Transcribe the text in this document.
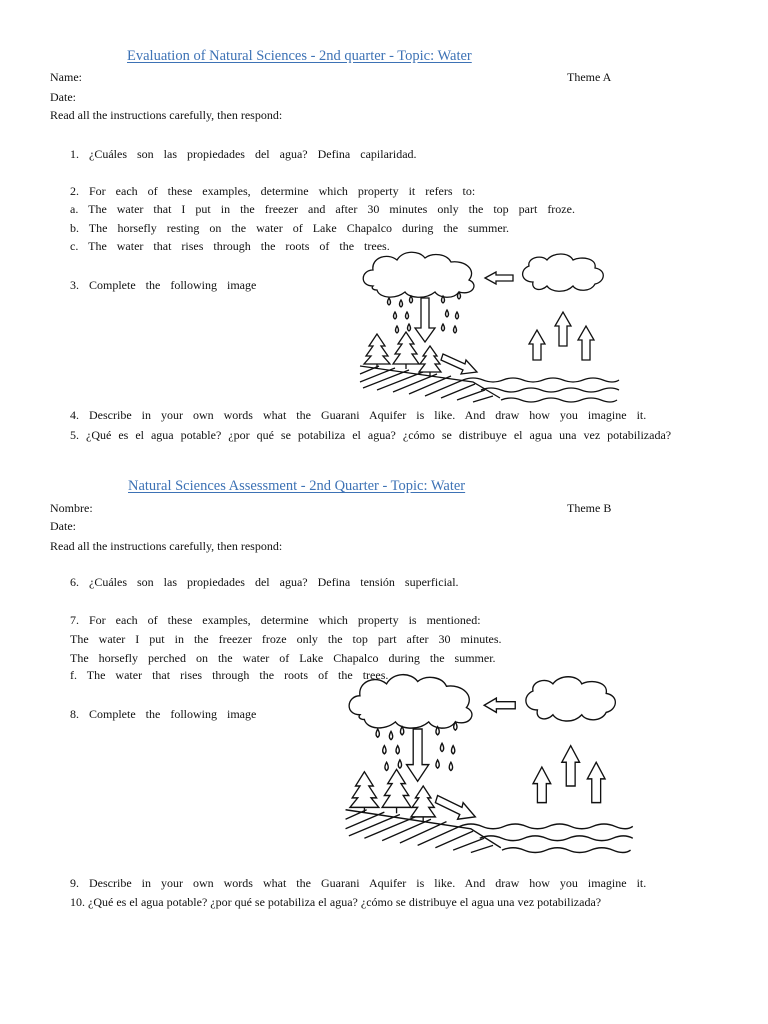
Evaluation of Natural Sciences - 2nd quarter - Topic: Water
Name:	Theme A
Date:
Read all the instructions carefully, then respond:
1. ¿Cuáles son las propiedades del agua? Defina capilaridad.
2. For each of these examples, determine which property it refers to:
a. The water that I put in the freezer and after 30 minutes only the top part froze.
b. The horsefly resting on the water of Lake Chapalco during the summer.
c. The water that rises through the roots of the trees.
3. Complete the following image
4. Describe in your own words what the Guarani Aquifer is like. And draw how you imagine it.
5. ¿Qué es el agua potable? ¿por qué se potabiliza el agua? ¿cómo se distribuye el agua una vez potabilizada?
Natural Sciences Assessment - 2nd Quarter - Topic: Water
Nombre:	Theme B
Date:
Read all the instructions carefully, then respond:
6. ¿Cuáles son las propiedades del agua? Defina tensión superficial.
7. For each of these examples, determine which property is mentioned:
The water I put in the freezer froze only the top part after 30 minutes.
The horsefly perched on the water of Lake Chapalco during the summer.
f. The water that rises through the roots of the trees.
8. Complete the following image
9. Describe in your own words what the Guarani Aquifer is like. And draw how you imagine it.
10. ¿Qué es el agua potable? ¿por qué se potabiliza el agua? ¿cómo se distribuye el agua una vez potabilizada?
